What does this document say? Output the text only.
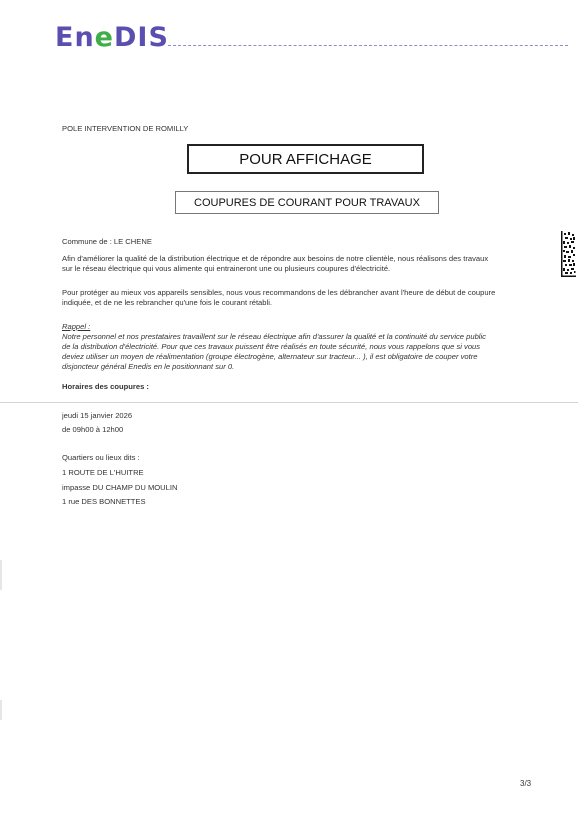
EneDIS
POLE INTERVENTION DE ROMILLY
POUR AFFICHAGE
COUPURES DE COURANT POUR TRAVAUX
Commune de : LE CHENE
Afin d'améliorer la qualité de la distribution électrique et de répondre aux besoins de notre clientèle, nous réalisons des travaux
sur le réseau électrique qui vous alimente qui entraineront une ou plusieurs coupures d'électricité.
Pour protéger au mieux vos appareils sensibles, nous vous recommandons de les débrancher avant l'heure de début de coupure
indiquée, et de ne les rebrancher qu'une fois le courant rétabli.
Rappel :
Notre personnel et nos prestataires travaillent sur le réseau électrique afin d'assurer la qualité et la continuité du service public
de la distribution d'électricité. Pour que ces travaux puissent être réalisés en toute sécurité, nous vous rappelons que si vous
deviez utiliser un moyen de réalimentation (groupe électrogène, alternateur sur tracteur... ), il est obligatoire de couper votre
disjoncteur général Enedis en le positionnant sur 0.
Horaires des coupures :
jeudi 15 janvier 2026
de 09h00 à 12h00
Quartiers ou lieux dits :
1 ROUTE DE L'HUITRE
impasse DU CHAMP DU MOULIN
1 rue DES BONNETTES
3/3
